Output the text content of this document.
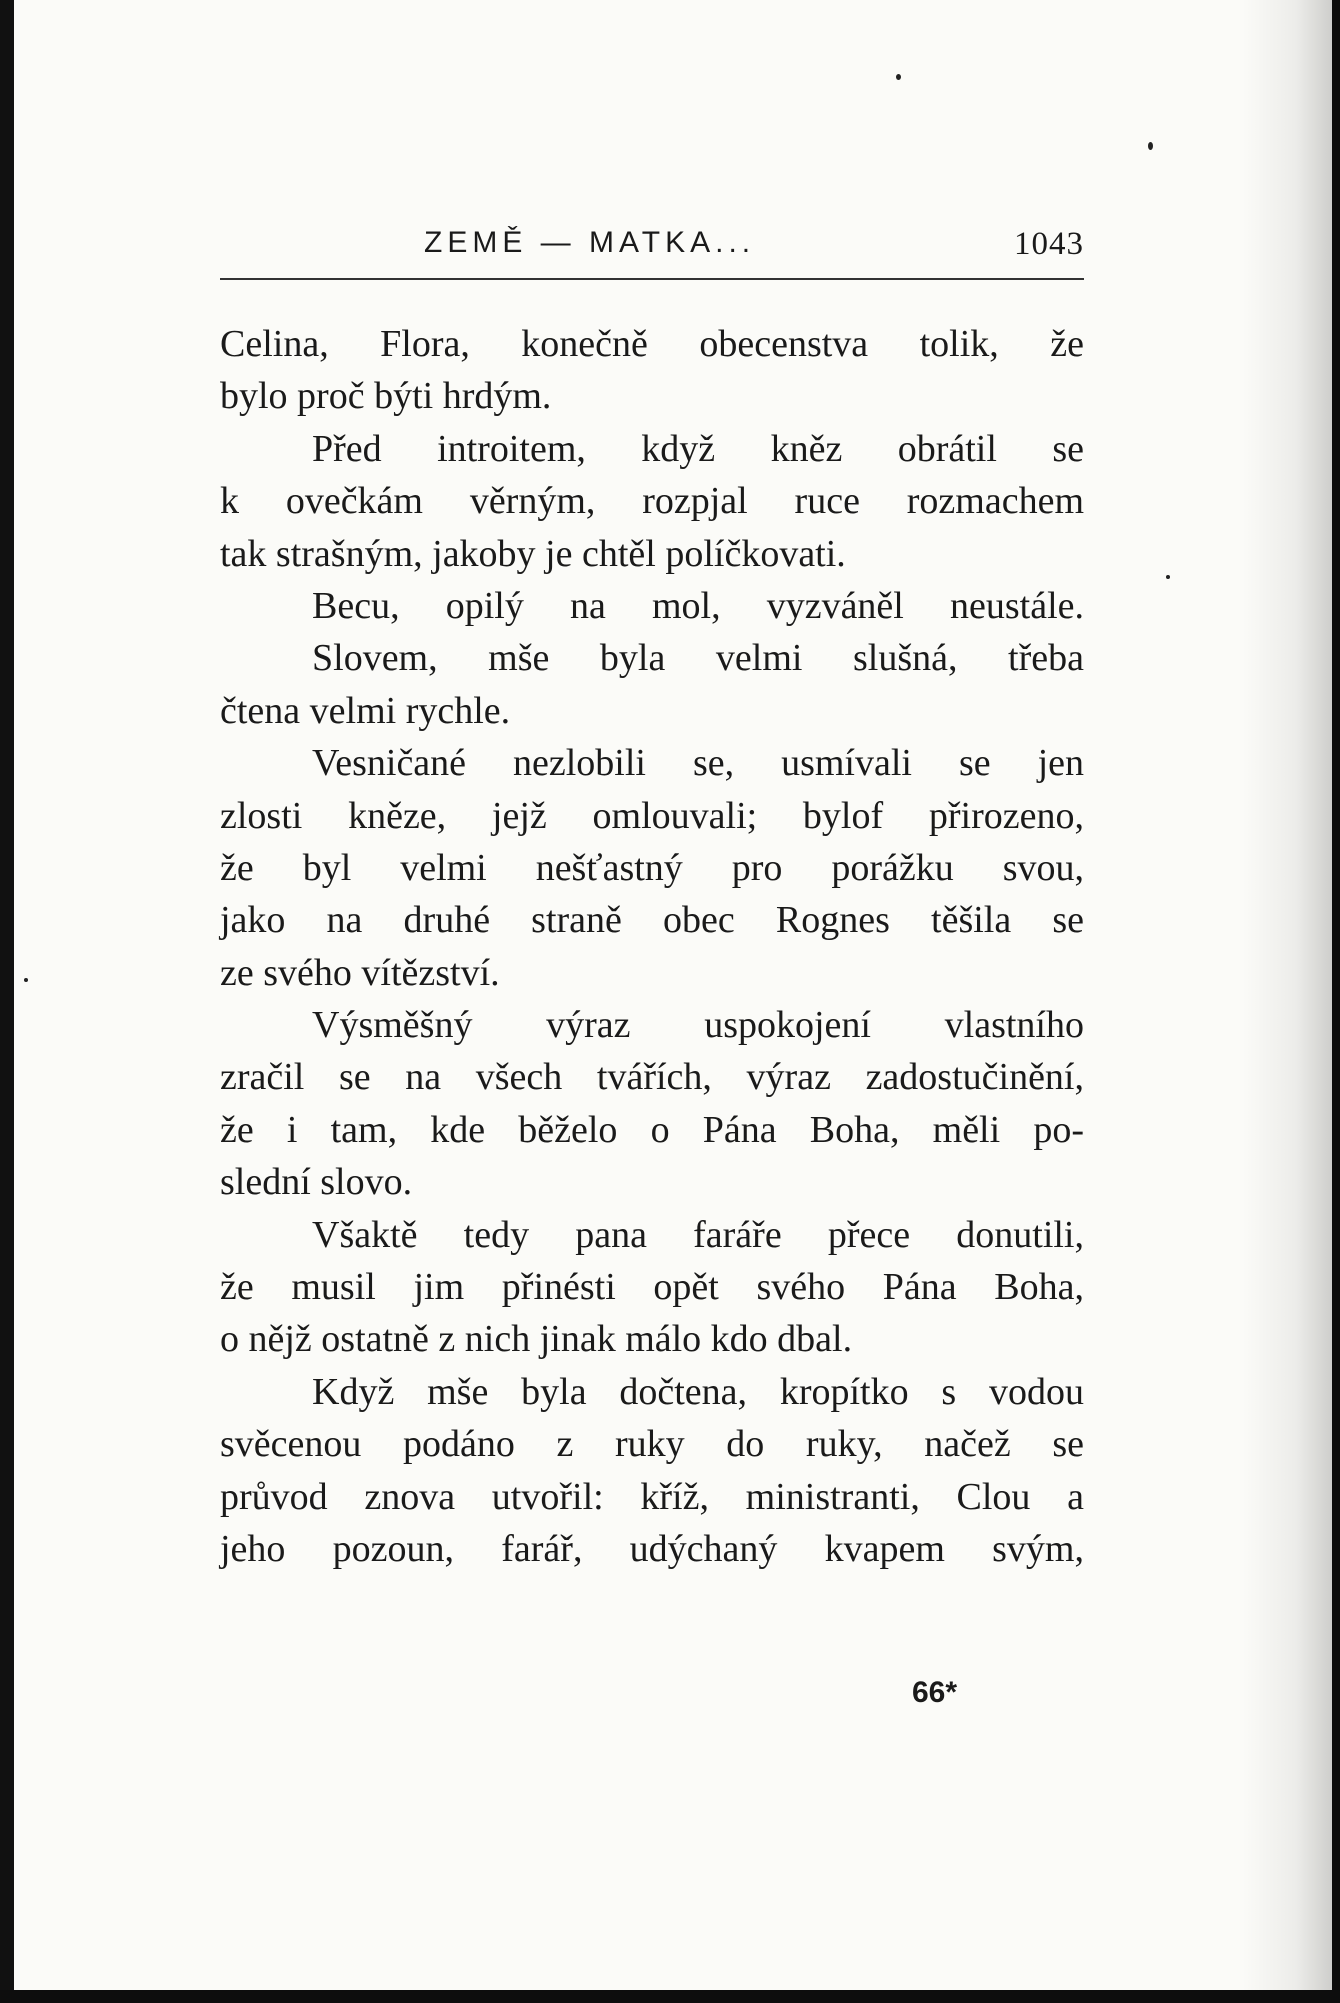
ZEMĚ — MATKA...	1043
Celina, Flora, konečně obecenstva tolik, že
bylo proč býti hrdým.
Před introitem, když kněz obrátil se
k ovečkám věrným, rozpjal ruce rozmachem
tak strašným, jakoby je chtěl políčkovati.
Becu, opilý na mol, vyzváněl neustále.
Slovem, mše byla velmi slušná, třeba
čtena velmi rychle.
Vesničané nezlobili se, usmívali se jen
zlosti kněze, jejž omlouvali; bylof přirozeno,
že byl velmi nešťastný pro porážku svou,
jako na druhé straně obec Rognes těšila se
ze svého vítězství.
Výsměšný výraz uspokojení vlastního
zračil se na všech tvářích, výraz zadostučinění,
že i tam, kde běželo o Pána Boha, měli po-
slední slovo.
Všaktě tedy pana faráře přece donutili,
že musil jim přinésti opět svého Pána Boha,
o nějž ostatně z nich jinak málo kdo dbal.
Když mše byla dočtena, kropítko s vodou
svěcenou podáno z ruky do ruky, načež se
průvod znova utvořil: kříž, ministranti, Clou a
jeho pozoun, farář, udýchaný kvapem svým,
66*
